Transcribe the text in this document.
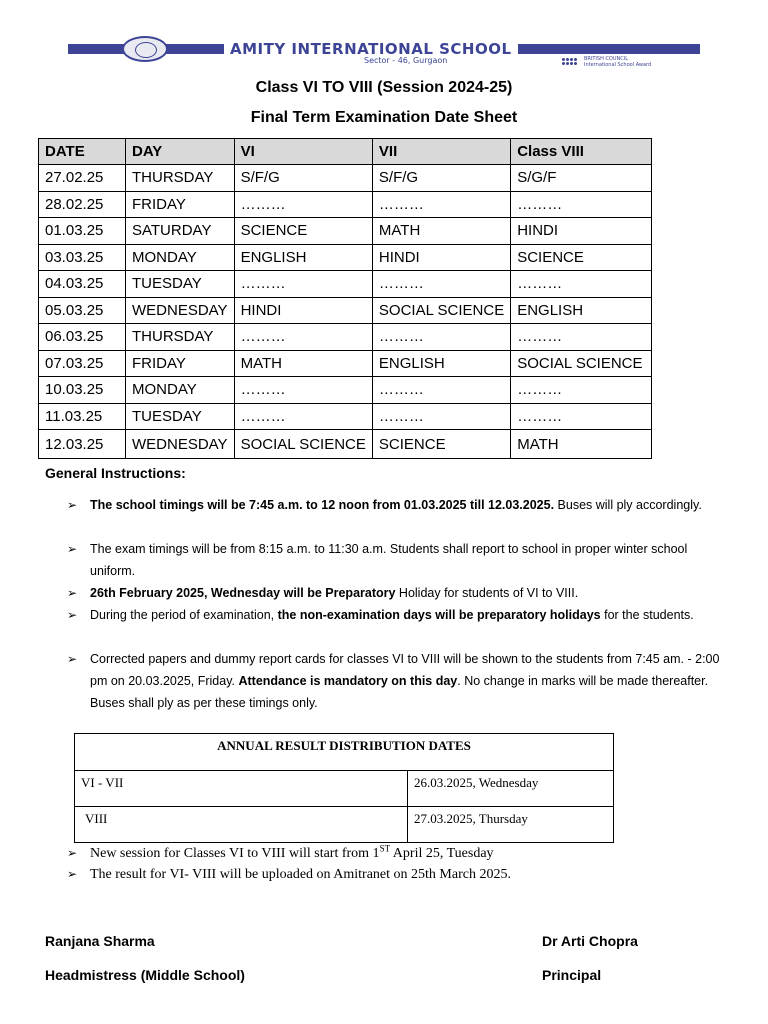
AMITY INTERNATIONAL SCHOOL
Sector - 46, Gurgaon	BRITISH COUNCIL
International School Award
Class VI TO VIII (Session 2024-25)
Final Term Examination Date Sheet
DATE	DAY	VI	VII	Class VIII
27.02.25	THURSDAY	S/F/G	S/F/G	S/G/F
28.02.25	FRIDAY	………	………	………
01.03.25	SATURDAY	SCIENCE	MATH	HINDI
03.03.25	MONDAY	ENGLISH	HINDI	SCIENCE
04.03.25	TUESDAY	………	………	………
05.03.25	WEDNESDAY	HINDI	SOCIAL SCIENCE	ENGLISH
06.03.25	THURSDAY	………	………	………
07.03.25	FRIDAY	MATH	ENGLISH	SOCIAL SCIENCE
10.03.25	MONDAY	………	………	………
11.03.25	TUESDAY	………	………	………
12.03.25	WEDNESDAY	SOCIAL SCIENCE	SCIENCE	MATH
General Instructions:
➢ The school timings will be 7:45 a.m. to 12 noon from 01.03.2025 till 12.03.2025. Buses will ply accordingly.
➢ The exam timings will be from 8:15 a.m. to 11:30 a.m. Students shall report to school in proper winter school uniform.
➢ 26th February 2025, Wednesday will be Preparatory Holiday for students of VI to VIII.
➢ During the period of examination, the non-examination days will be preparatory holidays for the students.
➢ Corrected papers and dummy report cards for classes VI to VIII will be shown to the students from 7:45 am. - 2:00 pm on 20.03.2025, Friday. Attendance is mandatory on this day. No change in marks will be made thereafter. Buses shall ply as per these timings only.
ANNUAL RESULT DISTRIBUTION DATES	
VI - VII	26.03.2025, Wednesday
VIII	27.03.2025, Thursday
➢ New session for Classes VI to VIII will start from 1ST April 25, Tuesday
➢ The result for VI- VIII will be uploaded on Amitranet on 25th March 2025.
Ranjana Sharma
Headmistress (Middle School)
Dr Arti Chopra
Principal
